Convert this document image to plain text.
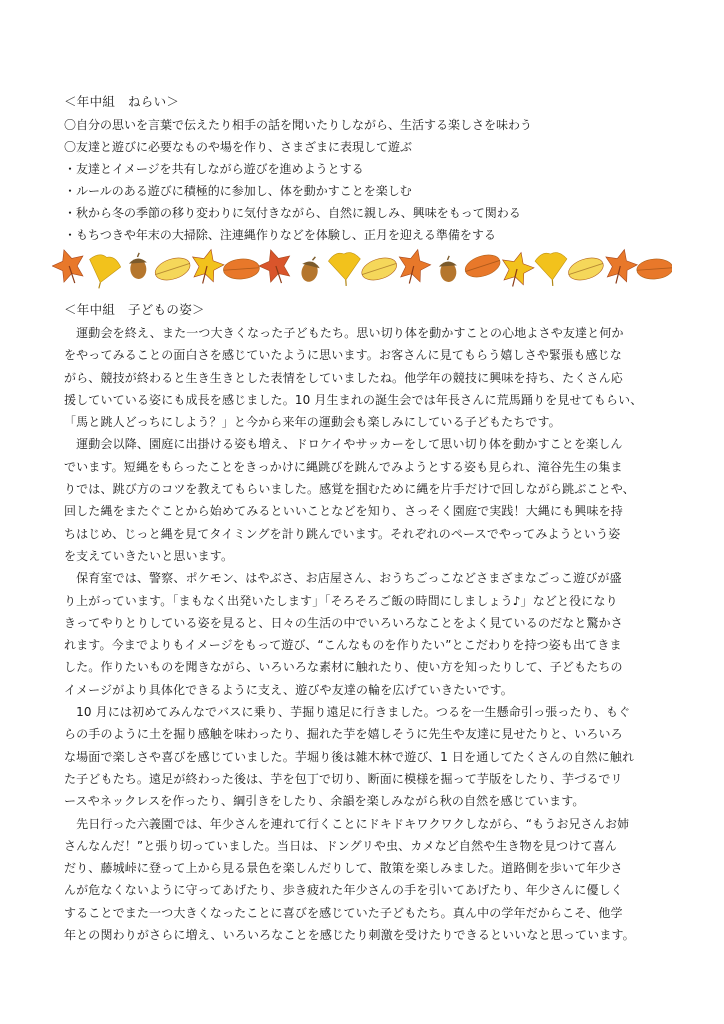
＜年中組　ねらい＞
〇自分の思いを言葉で伝えたり相手の話を聞いたりしながら、生活する楽しさを味わう
〇友達と遊びに必要なものや場を作り、さまざまに表現して遊ぶ
・友達とイメージを共有しながら遊びを進めようとする
・ルールのある遊びに積極的に参加し、体を動かすことを楽しむ
・秋から冬の季節の移り変わりに気付きながら、自然に親しみ、興味をもって関わる
・もちつきや年末の大掃除、注連縄作りなどを体験し、正月を迎える準備をする
＜年中組　子どもの姿＞
　運動会を終え、また一つ大きくなった子どもたち。思い切り体を動かすことの心地よさや友達と何か
をやってみることの面白さを感じていたように思います。お客さんに見てもらう嬉しさや緊張も感じな
がら、競技が終わると生き生きとした表情をしていましたね。他学年の競技に興味を持ち、たくさん応
援していている姿にも成長を感じました。10 月生まれの誕生会では年長さんに荒馬踊りを見せてもらい、
「馬と跳人どっちにしよう？」と今から来年の運動会も楽しみにしている子どもたちです。
　運動会以降、園庭に出掛ける姿も増え、ドロケイやサッカーをして思い切り体を動かすことを楽しん
でいます。短縄をもらったことをきっかけに縄跳びを跳んでみようとする姿も見られ、滝谷先生の集ま
りでは、跳び方のコツを教えてもらいました。感覚を掴むために縄を片手だけで回しながら跳ぶことや、
回した縄をまたぐことから始めてみるといいことなどを知り、さっそく園庭で実践！大縄にも興味を持
ちはじめ、じっと縄を見てタイミングを計り跳んでいます。それぞれのペースでやってみようという姿
を支えていきたいと思います。
　保育室では、警察、ポケモン、はやぶさ、お店屋さん、おうちごっこなどさまざまなごっこ遊びが盛
り上がっています。「まもなく出発いたします」「そろそろご飯の時間にしましょう♪」などと役になり
きってやりとりしている姿を見ると、日々の生活の中でいろいろなことをよく見ているのだなと驚かさ
れます。今までよりもイメージをもって遊び、“こんなものを作りたい”とこだわりを持つ姿も出てきま
した。作りたいものを聞きながら、いろいろな素材に触れたり、使い方を知ったりして、子どもたちの
イメージがより具体化できるように支え、遊びや友達の輪を広げていきたいです。
　10 月には初めてみんなでバスに乗り、芋掘り遠足に行きました。つるを一生懸命引っ張ったり、もぐ
らの手のように土を掘り感触を味わったり、掘れた芋を嬉しそうに先生や友達に見せたりと、いろいろ
な場面で楽しさや喜びを感じていました。芋堀り後は雑木林で遊び、1 日を通してたくさんの自然に触れ
た子どもたち。遠足が終わった後は、芋を包丁で切り、断面に模様を掘って芋版をしたり、芋づるでリ
ースやネックレスを作ったり、綱引きをしたり、余韻を楽しみながら秋の自然を感じています。
　先日行った六義園では、年少さんを連れて行くことにドキドキワクワクしながら、“もうお兄さんお姉
さんなんだ！”と張り切っていました。当日は、ドングリや虫、カメなど自然や生き物を見つけて喜ん
だり、藤城峠に登って上から見る景色を楽しんだりして、散策を楽しみました。道路側を歩いて年少さ
んが危なくないように守ってあげたり、歩き疲れた年少さんの手を引いてあげたり、年少さんに優しく
することでまた一つ大きくなったことに喜びを感じていた子どもたち。真ん中の学年だからこそ、他学
年との関わりがさらに増え、いろいろなことを感じたり刺激を受けたりできるといいなと思っています。
